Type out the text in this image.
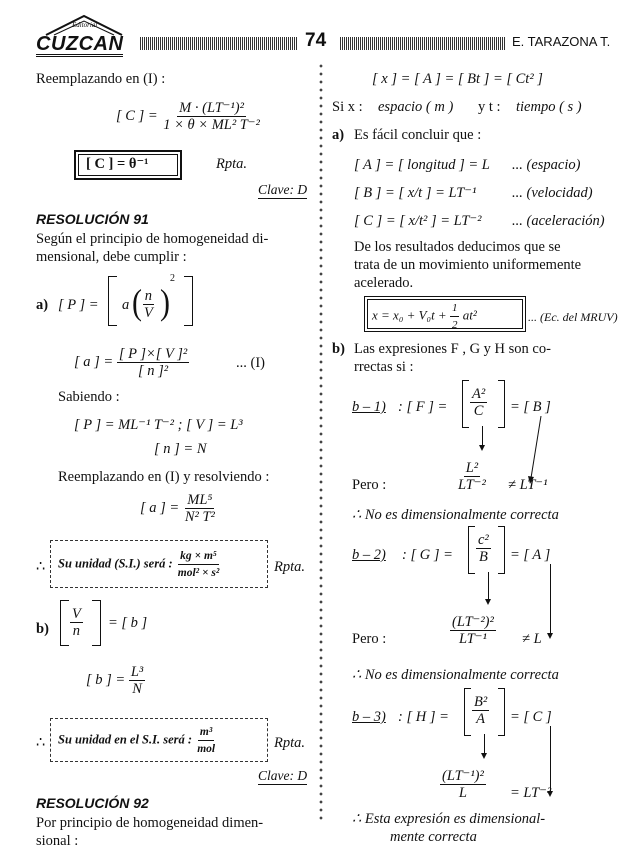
Editorial
CUZCAN	74	E. TARAZONA T.
Reemplazando en (I) :
[ C ] = $\frac{\text{M · (LT⁻¹)²}}{\text{1 × θ × ML² T⁻²}}$
[ C ] = θ⁻¹	Rpta.
Clave: D
RESOLUCIÓN 91
Según el principio de homogeneidad di-
mensional, debe cumplir :
a) [ P ] = a ( $\frac{n}{V}$ )
2
[ a ] = $\frac{\text{[ P ]×[ V ]²}}{\text{[ n ]²}}$	... (I)
Sabiendo :
[ P ] = ML⁻¹ T⁻² ; [ V ] = L³
[ n ] = N
Reemplazando en (I) y resolviendo :
[ a ] = $\frac{\text{ML⁵}}{\text{N² T²}}$
∴ Su unidad (S.I.) será : $\frac{\text{kg × m⁵}}{\text{mol² × s²}}$	Rpta.
$b) \frac{V}{n}$ = [ b ]
[ b ] = $\frac{\text{L³}}{N}$
∴ Su unidad en el S.I. será : $\frac{\text{m³}}{\text{mol}}$	Rpta.
Clave: D
RESOLUCIÓN 92
Por principio de homogeneidad dimen-
sional :
[ x ] = [ A ] = [ Bt ] = [ Ct² ]
Si x : espacio ( m ) y t : tiempo ( s )
a) Es fácil concluir que :
[ A ] = [ longitud ] = L ... (espacio)
[ B ] = [ x/t ] = LT⁻¹ ... (velocidad)
[ C ] = [ x/t² ] = LT⁻² ... (aceleración)
De los resultados deducimos que se
trata de un movimiento uniformemente
acelerado.
$x = x_0 + V_0t + \frac{1}{2} at^2$	... (Ec. del MRUV)
b) Las expresiones F , G y H son co-
rrectas si :
b – 1) : [ F ] = $\frac{\text{A²}}{C}$ = [ B ]
Pero :	$\frac{\text{L²}}{\text{LT⁻²}} \ne LT^{-1}$
∴ No es dimensionalmente correcta
b – 2) : [ G ] = $\frac{\text{c²}}{B}$ = [ A ]
Pero :	$\frac{\text{(LT⁻²)²}}{\text{LT⁻¹}} \ne L$
∴ No es dimensionalmente correcta
b – 3) : [ H ] = $\frac{\text{B²}}{A}$ = [ C ]
$\frac{\text{(LT⁻¹)²}}{L} = LT^{-2}$
∴ Esta expresión es dimensional-
mente correcta
